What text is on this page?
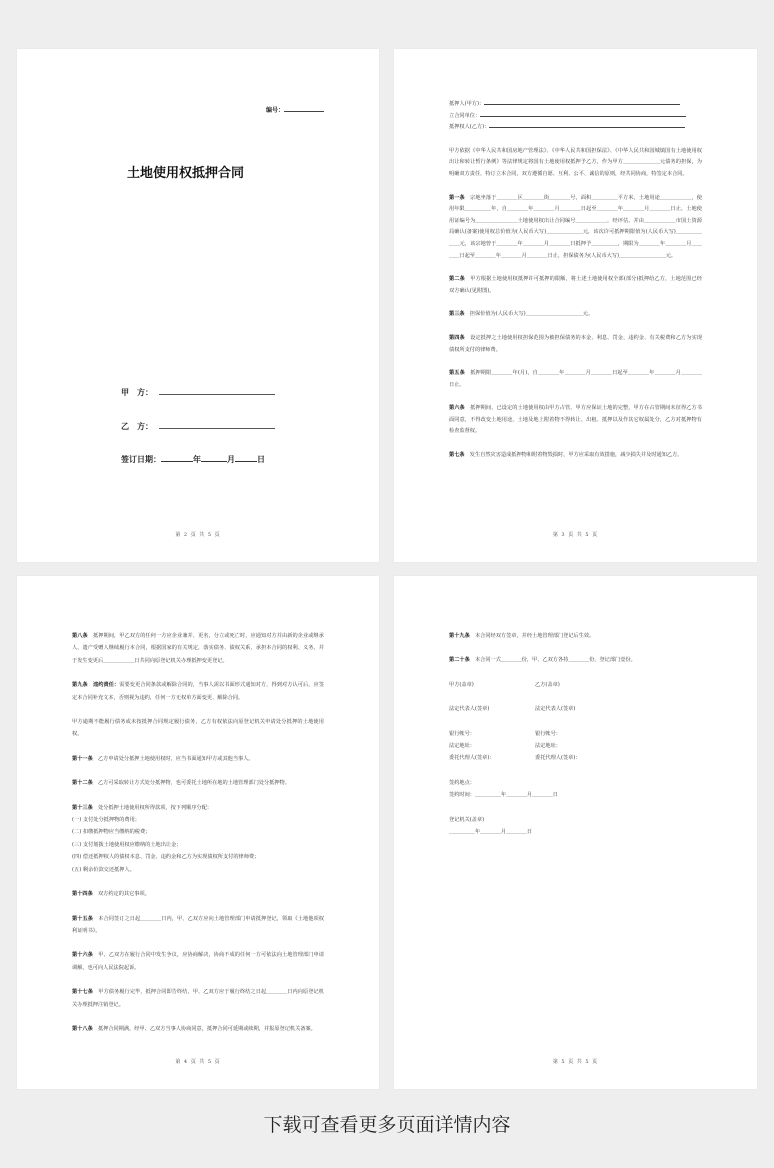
编号：
土地使用权抵押合同
甲　方：
乙　方：
签订日期：	年	月	日
第 2 页 共 5 页

抵押人(甲方)：

立合同单位：

抵押权人(乙方)：

甲方依据《中华人民共和国房地产管理法》、《中华人民共和国担保法》、《中华人民共和国城镇国有土地使用权出让和转让暂行条例》等法律规定将国有土地使用权抵押予乙方，作为甲方＿＿＿＿＿＿＿元债务的担保，为明确双方责任，特订立本合同，双方遵循自愿、互利、公平、诚信的原则，经共同协商，特签定本合同。

第一条　 宗地坐落于＿＿＿＿区＿＿＿＿街＿＿＿＿号，面积＿＿＿＿＿平方米，土地用途＿＿＿＿＿＿，使用年限＿＿＿＿＿年，自＿＿＿＿年＿＿＿＿月＿＿＿＿日起至＿＿＿＿年＿＿＿＿月＿＿＿＿日止，土地使用证编号为＿＿＿＿＿＿＿＿土地使用权出让合同编号＿＿＿＿＿＿，经评估，并由＿＿＿＿＿＿市国土资源局确认(备案)使用权总价值为(人民币大写)＿＿＿＿＿＿＿元，该次许可抵押期限值为(人民币大写)＿＿＿＿＿＿＿元，该宗地曾于＿＿＿＿年＿＿＿＿月＿＿＿＿日抵押予＿＿＿＿＿，期限为＿＿＿＿年＿＿＿＿月＿＿＿＿日起至＿＿＿＿年＿＿＿＿月＿＿＿＿日止，担保债务为(人民币大写)＿＿＿＿＿＿＿＿＿元。

第二条　 甲方根据土地使用权抵押许可抵押的限额，将土述土地使用权全部(部分)抵押给乙方，土地范围已经双方确认(见附图)。

第三条　 担保价值为(人民币大写)＿＿＿＿＿＿＿＿＿＿＿元。

第四条　 设定抵押之土地使用权担保范围为被担保债务的本金、利息、罚金、违约金、有关税费和乙方为实现债权所支付的律师费。

第五条　 抵押期限＿＿＿＿年(月)，自＿＿＿＿年＿＿＿＿月＿＿＿＿日起至＿＿＿＿年＿＿＿＿月＿＿＿＿日止。

第六条　 抵押期间，已设定的土地使用权由甲方占管，甲方应保证土地的完整，甲方在占管期间未征得乙方书面同意，不得改变土地用途，土地及地上附着物不得转让、出租、抵押以及作其它权属处分，乙方对抵押物有检查监督权。

第七条　 发生自然灾害造成抵押物和附着物毁损时，甲方应采取有效措施，减少损失并及时通知乙方。

第 3 页 共 5 页

第八条　 抵押期间，甲乙双方的任何一方应企业兼并、更名、分立或死亡时，应通知对方并由新的企业或继承人、遗产受赠人继续履行本合同，根据国家的有关规定，落实债务、债权关系，承担本合同的权利、义务，并于发生变更后＿＿＿＿＿＿日共同向原登记机关办理抵押变更登记。

第九条　 违约责任：需要变更合同条款或解除合同的，当事人需以书面形式通知对方，得到对方认可后，应签定本合同补充文本，否则视为违约，任何一方无权单方面变更、解除合同。

甲方逾期不能履行债务或未按抵押合同规定履行债务，乙方有权依法向原登记机关申请处分抵押的土地使用权。

第十一条　 乙方申请处分抵押土地使用权时，应当书面通知甲方或其他当事人。

第十二条　 乙方可采取转让方式处分抵押物，也可委托土地所在地的土地管理部门处分抵押物。

第十三条　 处分抵押土地使用权所得款项，按下列顺序分配：

(一) 支付处分抵押物的费用；

(二) 扣缴抵押物应当缴纳的税费；

(三) 支付划拨土地使用权应缴纳的土地出让金；

(四) 偿还抵押权人的债权本息、罚金、违约金和乙方为实现债权所支付的律师费；

(五) 剩余价款交还抵押人。

第十四条　 双方约定的其它事项。

第十五条　 本合同签订之日起＿＿＿＿日内，甲、乙双方应向土地管理部门申请抵押登记，领取《土地他项权利证明书》。

第十六条　 甲、乙双方在履行合同中发生争议，应协商解决，协商不成的任何一方可依法向土地管理部门申请调解，也可向人民法院起诉。

第十七条　 甲方债务履行完毕，抵押合同即告终结，甲、乙双方应于履行终结之日起＿＿＿＿日内向原登记机关办理抵押注销登记。

第十八条　 抵押合同期满，经甲、乙双方当事人协商同意，抵押合同可延期或续期，并报原登记机关备案。

第 4 页 共 5 页

第十九条　 本合同经双方签章，并经土地管理部门登记后生效。

第二十条　 本合同一式＿＿＿＿份，甲、乙双方各持＿＿＿＿份，登记部门壹份。

甲方(盖章)	乙方(盖章)

法定代表人(签章)	法定代表人(签章)

银行帐号：	银行帐号：

法定地址：	法定地址：

委托代理人(签章)：	委托代理人(签章)：

签约地点：

签约时间：＿＿＿＿＿年＿＿＿＿月＿＿＿＿日

登记机关(盖章)

＿＿＿＿＿年＿＿＿＿月＿＿＿＿日

第 5 页 共 5 页
下载可查看更多页面详情内容
